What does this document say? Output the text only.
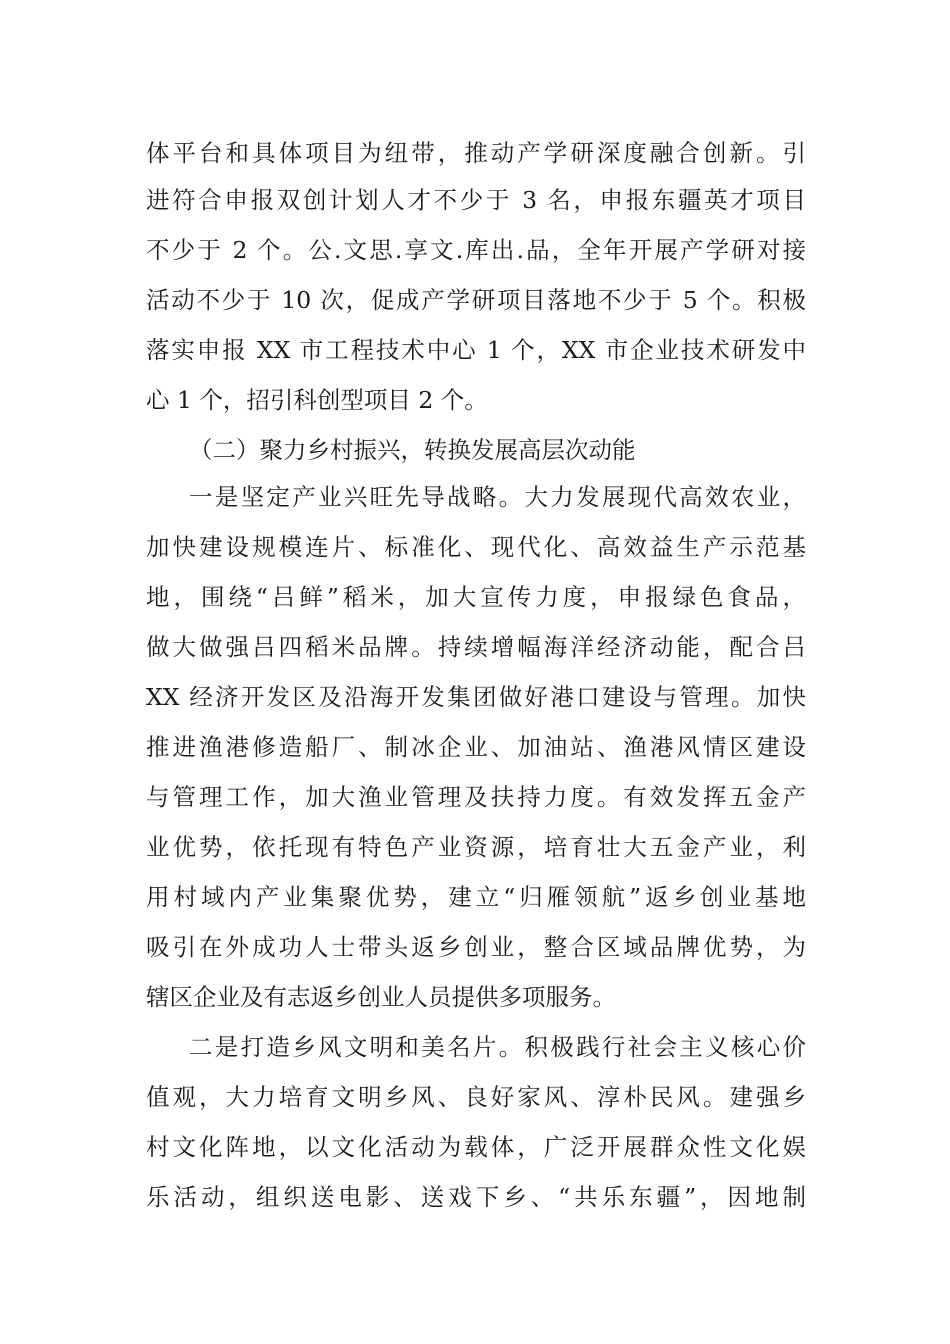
体平台和具体项目为纽带，推动产学研深度融合创新。引
进符合申报双创计划人才不少于 3 名，申报东疆英才项目
不少于 2 个。公.文思.享文.库出.品，全年开展产学研对接
活动不少于 10 次，促成产学研项目落地不少于 5 个。积极
落实申报 XX 市工程技术中心 1 个，XX 市企业技术研发中
心 1 个，招引科创型项目 2 个。
（二）聚力乡村振兴，转换发展高层次动能
一是坚定产业兴旺先导战略。大力发展现代高效农业，
加快建设规模连片、标准化、现代化、高效益生产示范基
地，围绕“吕鲜”稻米，加大宣传力度，申报绿色食品，
做大做强吕四稻米品牌。持续增幅海洋经济动能，配合吕
XX 经济开发区及沿海开发集团做好港口建设与管理。加快
推进渔港修造船厂、制冰企业、加油站、渔港风情区建设
与管理工作，加大渔业管理及扶持力度。有效发挥五金产
业优势，依托现有特色产业资源，培育壮大五金产业，利
用村域内产业集聚优势，建立“归雁领航”返乡创业基地
吸引在外成功人士带头返乡创业，整合区域品牌优势，为
辖区企业及有志返乡创业人员提供多项服务。
二是打造乡风文明和美名片。积极践行社会主义核心价
值观，大力培育文明乡风、良好家风、淳朴民风。建强乡
村文化阵地，以文化活动为载体，广泛开展群众性文化娱
乐活动，组织送电影、送戏下乡、“共乐东疆”，因地制
